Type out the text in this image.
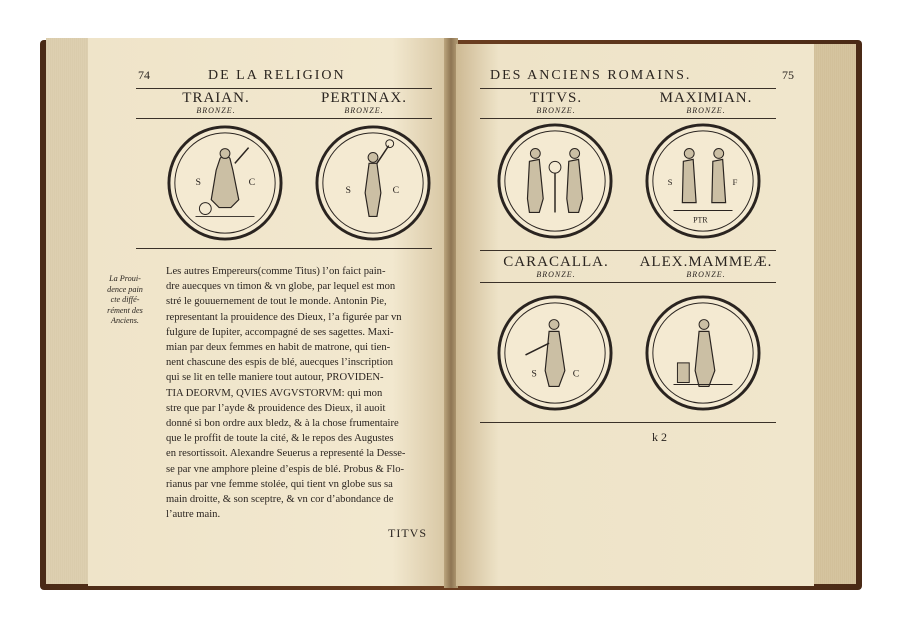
74	DE LA RELIGION
TRAIAN.
BRONZE.
PERTINAX.
BRONZE.
S	C
S	C
La Proui-
dence pain
cte diffé-
rément des
Anciens.
Les autres Empereurs(comme Titus) l’on faict pain-
dre auecques vn timon & vn globe, par lequel est mon
stré le gouuernement de tout le monde. Antonin Pie,
representant la prouidence des Dieux, l’a figurée par vn
fulgure de Iupiter, accompagné de ses sagettes. Maxi-
mian par deux femmes en habit de matrone, qui tien-
nent chascune des espis de blé, auecques l’inscription
qui se lit en telle maniere tout autour, PROVIDEN-
TIA DEORVM, QVIES AVGVSTORVM: qui mon
stre que par l’ayde & prouidence des Dieux, il auoit
donné si bon ordre aux bledz, & à la chose frumentaire
que le proffit de toute la cité, & le repos des Augustes
en resortissoit. Alexandre Seuerus a representé la Desse-
se par vne amphore pleine d’espis de blé. Probus & Flo-
rianus par vne femme stolée, qui tient vn globe sus sa
main droitte, & son sceptre, & vn cor d’abondance de
l’autre main.
TITVS
DES ANCIENS ROMAINS.	75
TITVS.
BRONZE.
MAXIMIAN.
BRONZE.
S	F
PTR
CARACALLA.
BRONZE.
ALEX.MAMMEÆ.
BRONZE.
S	C
k 2
